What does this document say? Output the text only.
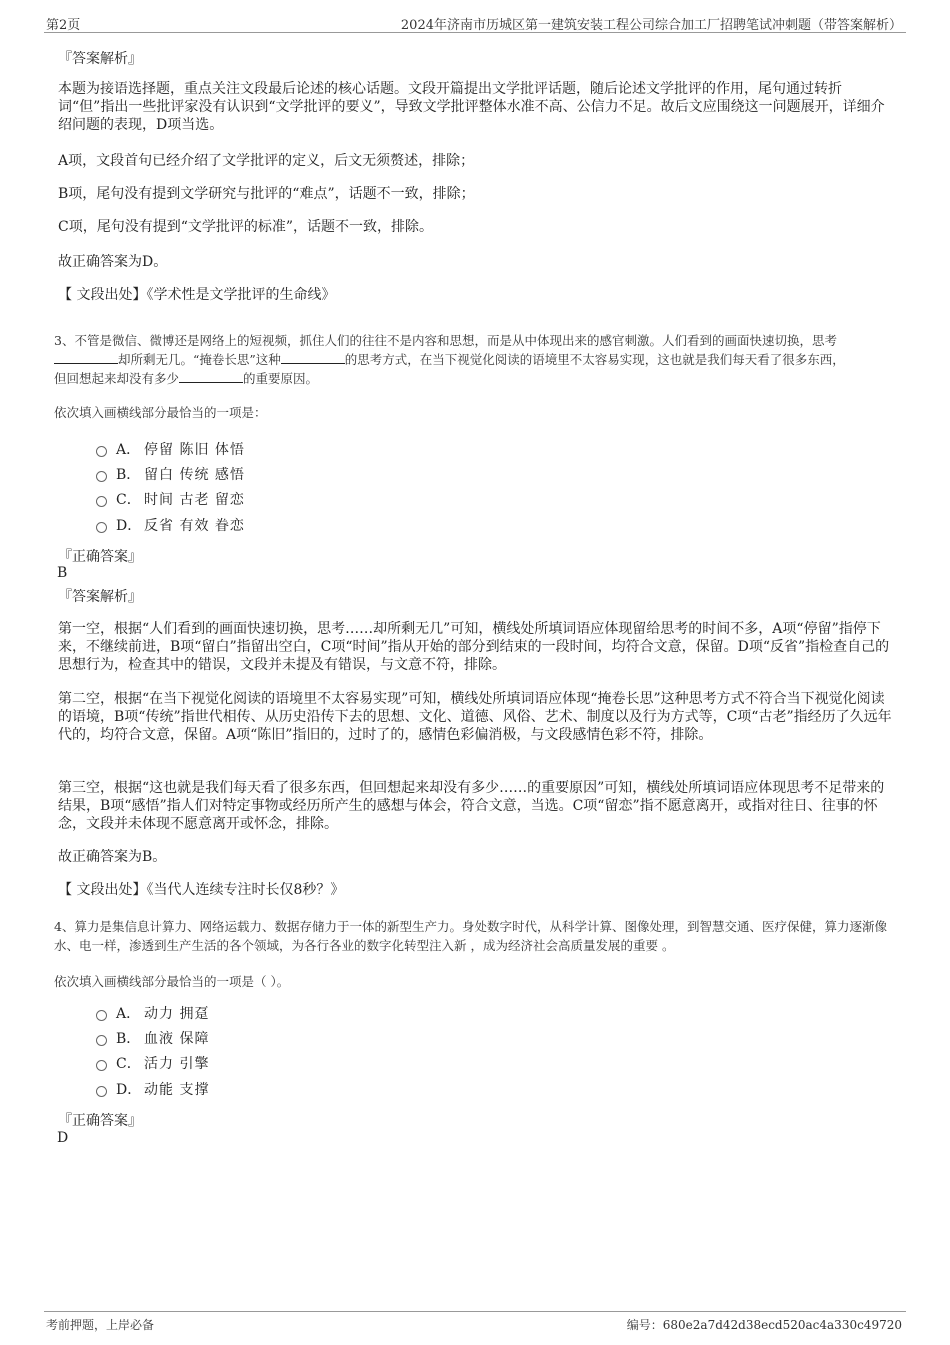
第2页	2024年济南市历城区第一建筑安装工程公司综合加工厂招聘笔试冲刺题（带答案解析）
『答案解析』
本题为接语选择题，重点关注文段最后论述的核心话题。文段开篇提出文学批评话题，随后论述文学批评的作用，尾句通过转折词“但”指出一些批评家没有认识到“文学批评的要义”，导致文学批评整体水准不高、公信力不足。故后文应围绕这一问题展开，详细介绍问题的表现，D项当选。
A项，文段首句已经介绍了文学批评的定义，后文无须赘述，排除；
B项，尾句没有提到文学研究与批评的“难点”，话题不一致，排除；
C项，尾句没有提到“文学批评的标准”，话题不一致，排除。
故正确答案为D。
【 文段出处】《学术性是文学批评的生命线》
3、不管是微信、微博还是网络上的短视频，抓住人们的往往不是内容和思想，而是从中体现出来的感官刺激。人们看到的画面快速切换，思考
却所剩无几。“掩卷长思”这种	的思考方式，在当下视觉化阅读的语境里不太容易实现，这也就是我们每天看了很多东西，
但回想起来却没有多少	的重要原因。
依次填入画横线部分最恰当的一项是：
A． 停留 陈旧 体悟
B． 留白 传统 感悟
C． 时间 古老 留恋
D． 反省 有效 眷恋
『正确答案』
B
『答案解析』
第一空，根据“人们看到的画面快速切换，思考……却所剩无几”可知，横线处所填词语应体现留给思考的时间不多，A项“停留”指停下来，不继续前进，B项“留白”指留出空白，C项“时间”指从开始的部分到结束的一段时间，均符合文意，保留。D项“反省”指检查自己的思想行为，检查其中的错误，文段并未提及有错误，与文意不符，排除。
第二空，根据“在当下视觉化阅读的语境里不太容易实现”可知，横线处所填词语应体现“掩卷长思”这种思考方式不符合当下视觉化阅读的语境，B项“传统”指世代相传、从历史沿传下去的思想、文化、道德、风俗、艺术、制度以及行为方式等，C项“古老”指经历了久远年代的，均符合文意，保留。A项“陈旧”指旧的，过时了的，感情色彩偏消极，与文段感情色彩不符，排除。
第三空，根据“这也就是我们每天看了很多东西，但回想起来却没有多少……的重要原因”可知，横线处所填词语应体现思考不足带来的结果，B项“感悟”指人们对特定事物或经历所产生的感想与体会，符合文意，当选。C项“留恋”指不愿意离开，或指对往日、往事的怀念，文段并未体现不愿意离开或怀念，排除。
故正确答案为B。
【 文段出处】《当代人连续专注时长仅8秒？》
4、算力是集信息计算力、网络运载力、数据存储力于一体的新型生产力。身处数字时代，从科学计算、图像处理，到智慧交通、医疗保健，算力逐渐像水、电一样，渗透到生产生活的各个领域，为各行各业的数字化转型注入新 ，成为经济社会高质量发展的重要 。
依次填入画横线部分最恰当的一项是（ ）。
A． 动力 拥趸
B． 血液 保障
C． 活力 引擎
D． 动能 支撑
『正确答案』
D
考前押题，上岸必备	编号：680e2a7d42d38ecd520ac4a330c49720
